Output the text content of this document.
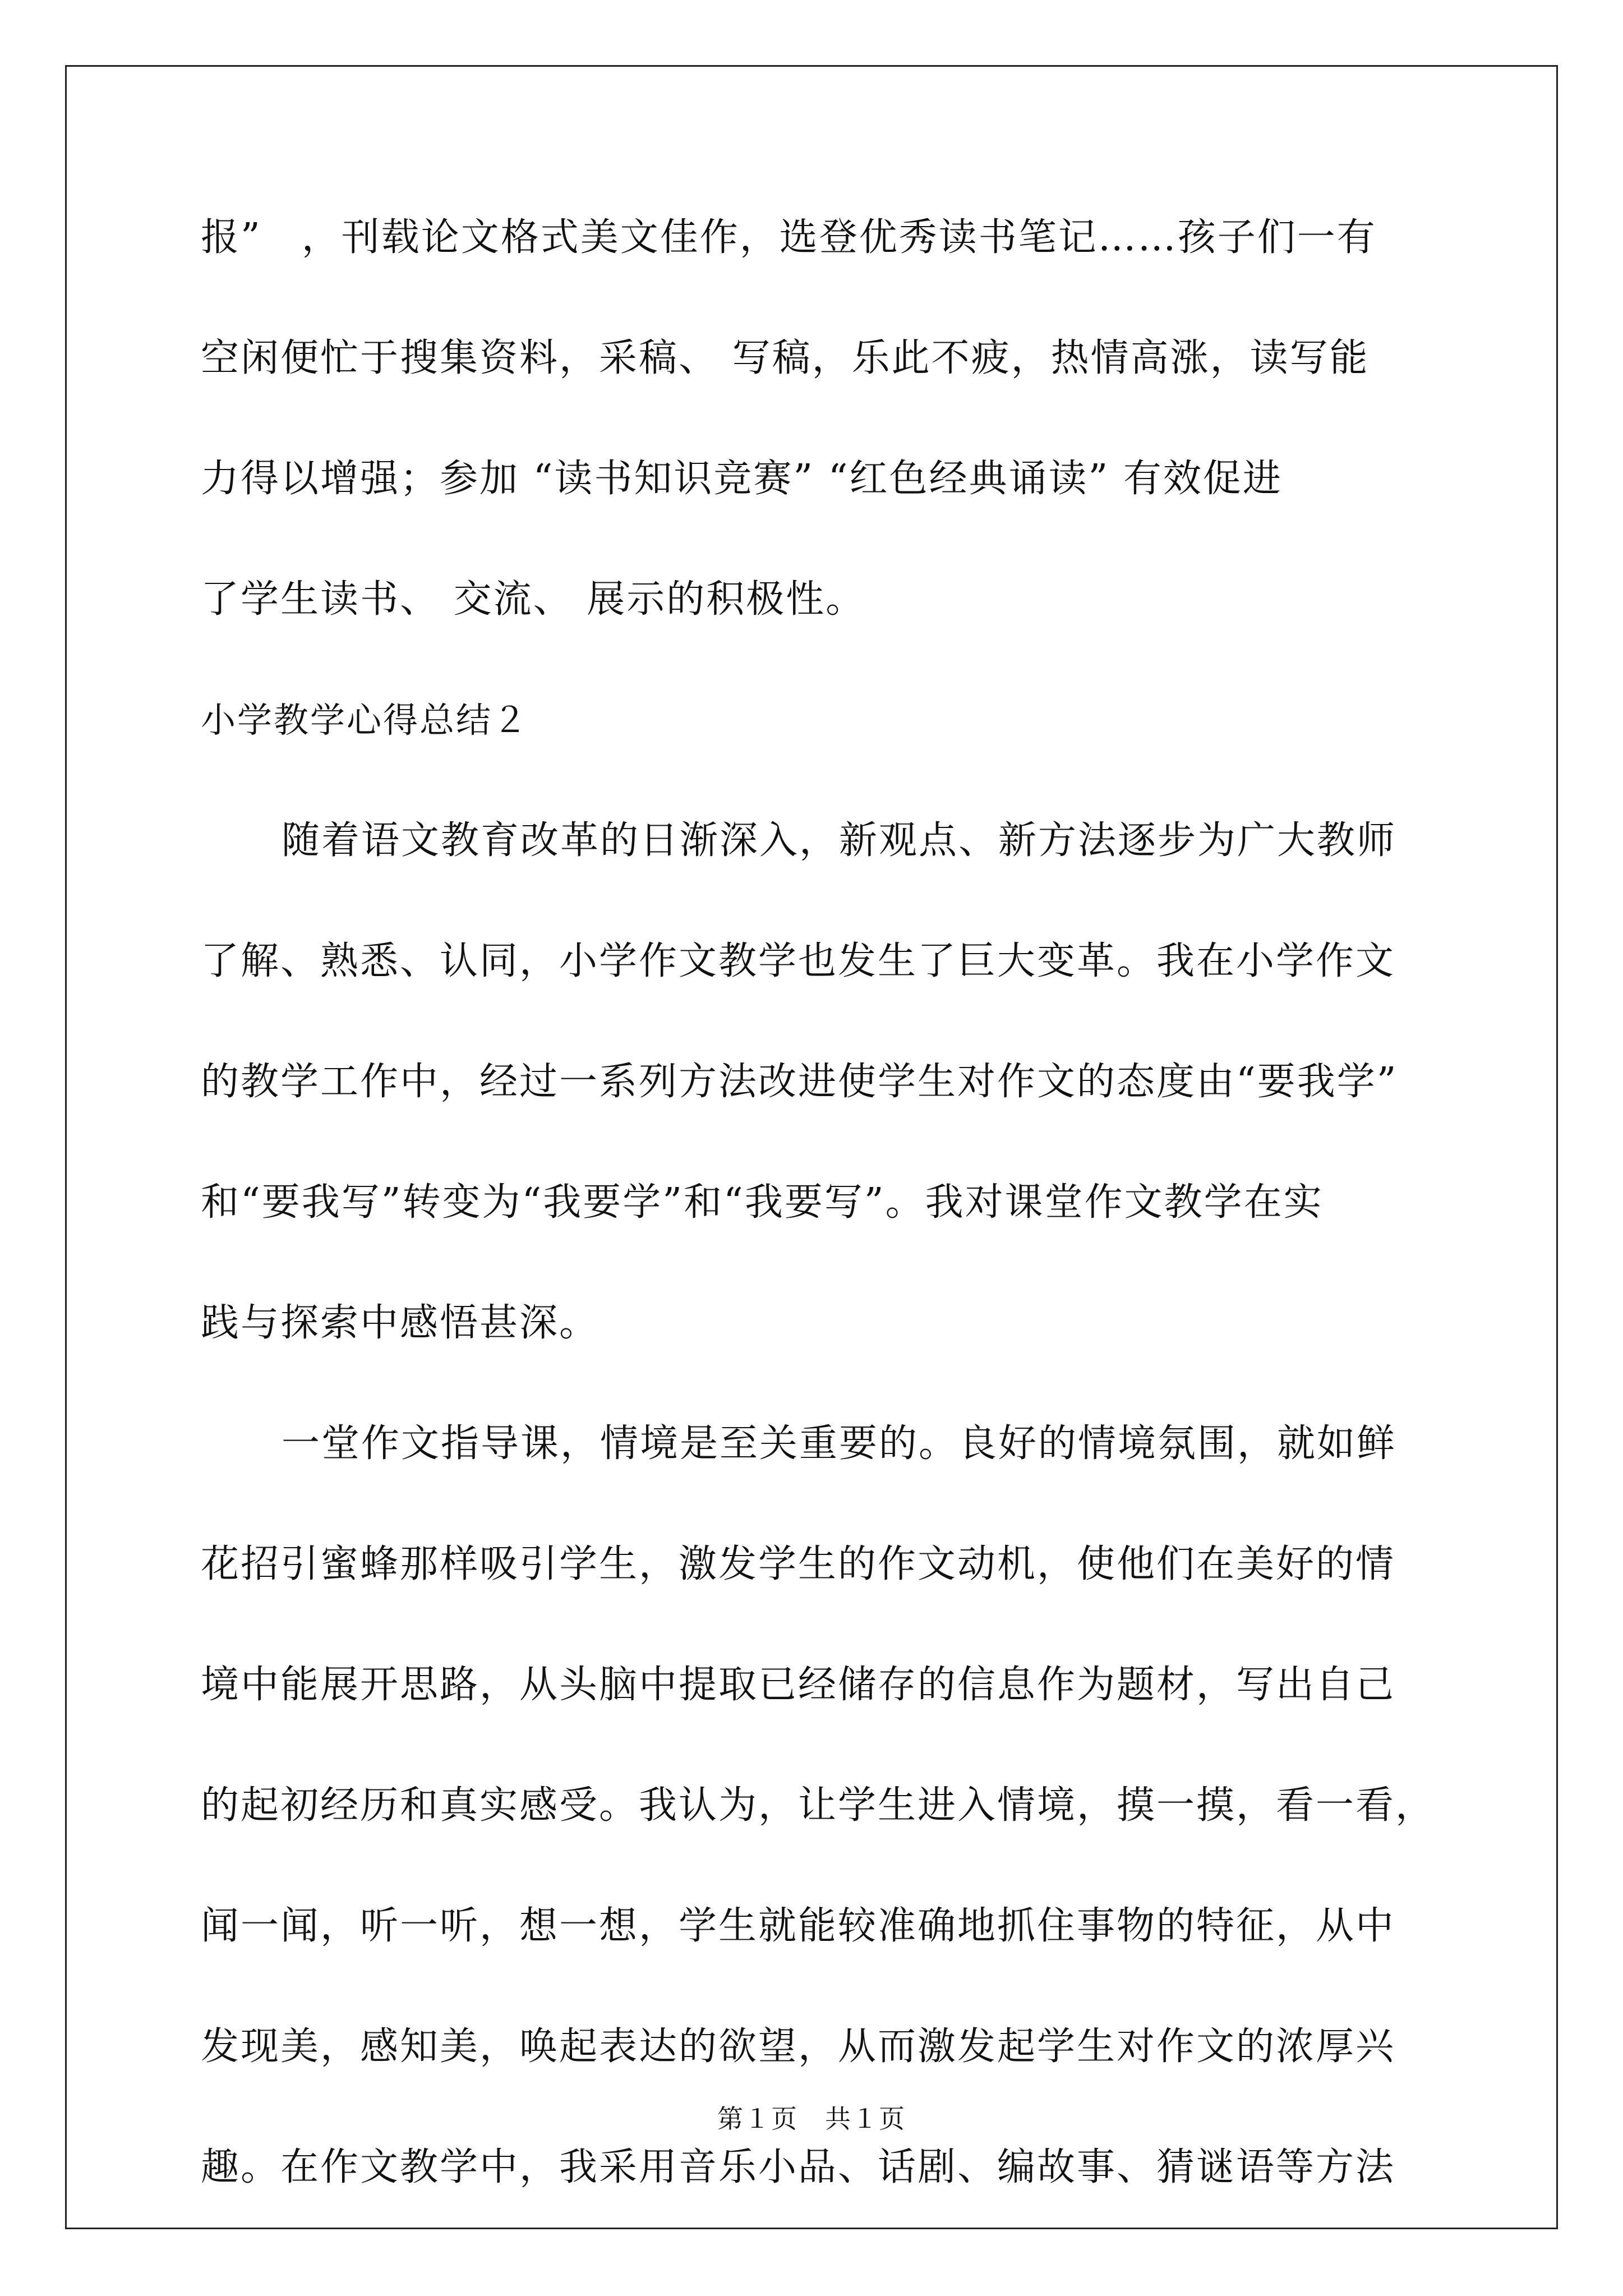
报”　，刊载论文格式美文佳作，选登优秀读书笔记……孩子们一有

空闲便忙于搜集资料，采稿、 写稿，乐此不疲，热情高涨，读写能

力得以增强；参加 “读书知识竞赛” “红色经典诵读” 有效促进

了学生读书、 交流、 展示的积极性。

小学教学心得总结２

随着语文教育改革的日渐深入，新观点、新方法逐步为广大教师

了解、熟悉、认同，小学作文教学也发生了巨大变革。我在小学作文

的教学工作中，经过一系列方法改进使学生对作文的态度由“要我学”

和“要我写”转变为“我要学”和“我要写”。我对课堂作文教学在实

践与探索中感悟甚深。

一堂作文指导课，情境是至关重要的。良好的情境氛围，就如鲜

花招引蜜蜂那样吸引学生，激发学生的作文动机，使他们在美好的情

境中能展开思路，从头脑中提取已经储存的信息作为题材，写出自己

的起初经历和真实感受。我认为，让学生进入情境，摸一摸，看一看，

闻一闻，听一听，想一想，学生就能较准确地抓住事物的特征，从中

发现美，感知美，唤起表达的欲望，从而激发起学生对作文的浓厚兴

趣。在作文教学中，我采用音乐小品、话剧、编故事、猜谜语等方法

第１页　共１页
